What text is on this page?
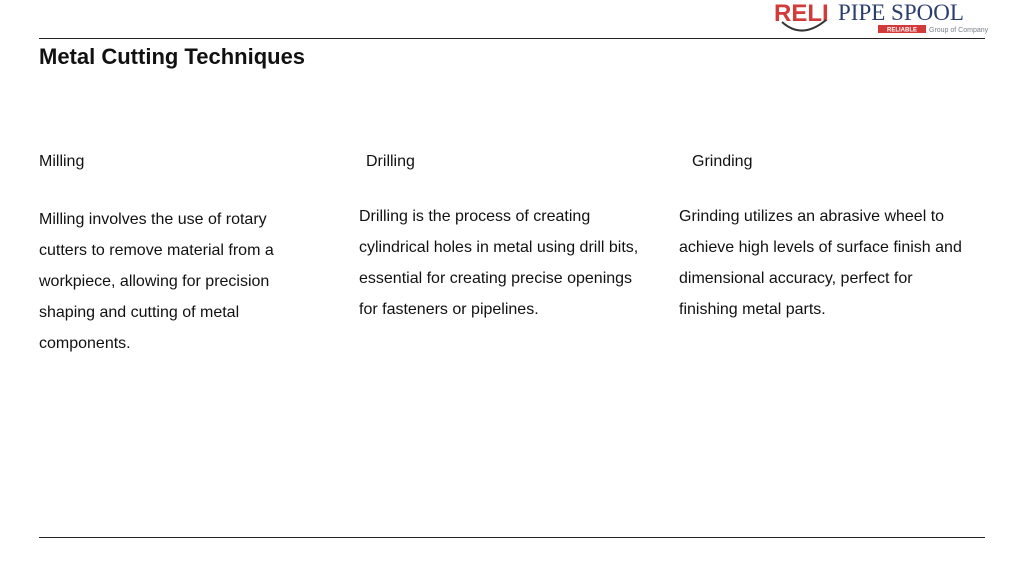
RELI PIPE SPOOL
RELIABLE Group of Company
Metal Cutting Techniques
Milling	Drilling	Grinding
Milling involves the use of rotary cutters to remove material from a workpiece, allowing for precision shaping and cutting of metal components.
Drilling is the process of creating cylindrical holes in metal using drill bits, essential for creating precise openings for fasteners or pipelines.
Grinding utilizes an abrasive wheel to achieve high levels of surface finish and dimensional accuracy, perfect for finishing metal parts.
